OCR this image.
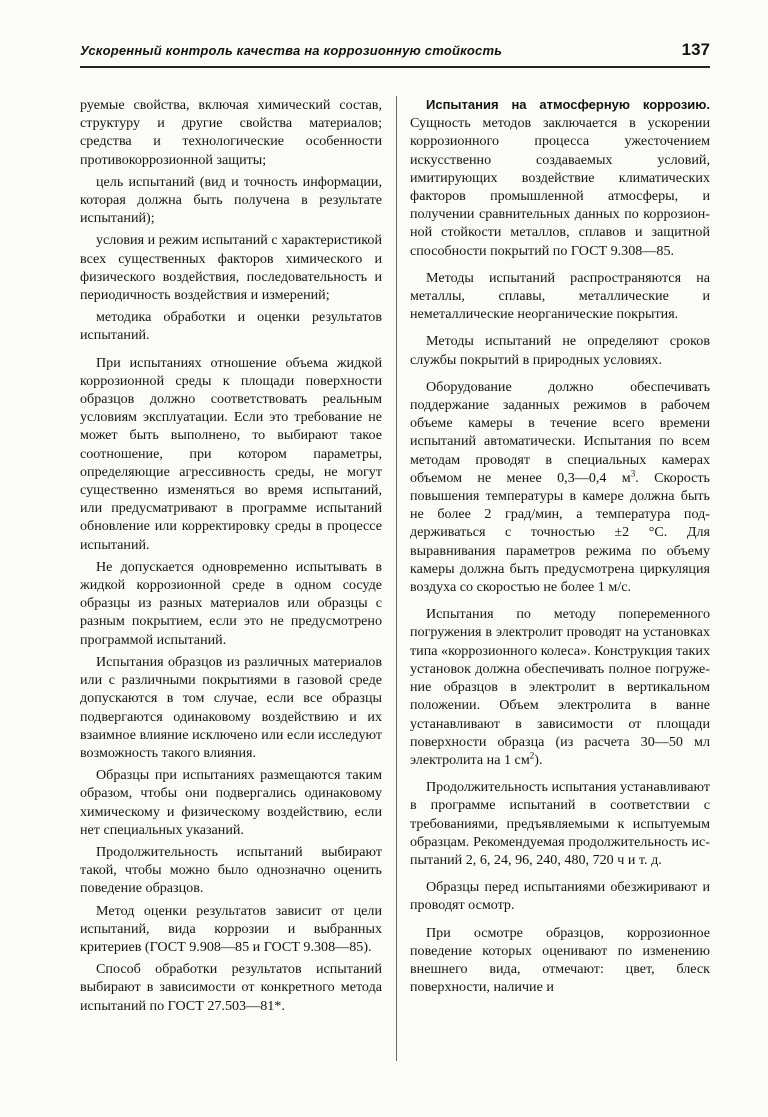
Ускоренный контроль качества на коррозионную стойкость	137

руемые свойства, включая химический состав, структуру и другие свойства материалов; средства и технологические особенности противокоррозионной защиты;

цель испытаний (вид и точность информации, которая должна быть получена в результате испытаний);

условия и режим испытаний с характеристикой всех существенных факторов химического и физического воздействия, последовательность и периодичность воздействия и измерений;

методика обработки и оценки результатов испытаний.

При испытаниях отношение объема жидкой коррозионной среды к площади поверхности образцов должно соответствовать реальным условиям эксплуатации. Если это требование не может быть выполнено, то выбирают такое соотношение, при котором параметры, определяющие агрессивность среды, не могут существенно изменяться во время испытаний, или предусматривают в программе испытаний обновление или корректировку среды в процессе испытаний.

Не допускается одновременно испытывать в жидкой коррозионной среде в одном сосуде образцы из разных материалов или образцы с разным покрытием, если это не предусмотрено программой испытаний.

Испытания образцов из различных материалов или с различными покрытиями в газовой среде допускаются в том случае, если все образцы подвергаются одинаковому воздействию и их взаимное влияние исключено или если исследуют возможность такого влияния.

Образцы при испытаниях размещаются таким образом, чтобы они подвергались одинаковому химическому и физическому воздействию, если нет специальных указаний.

Продолжительность испытаний выбирают такой, чтобы можно было однозначно оценить поведение образцов.

Метод оценки результатов зависит от цели испытаний, вида коррозии и выбранных критериев (ГОСТ 9.908—85 и ГОСТ 9.308—85).

Способ обработки результатов испытаний выбирают в зависимости от конкретного метода испытаний по ГОСТ 27.503—81*.

Испытания на атмосферную коррозию. Сущность методов заключается в ускорении коррозионного процесса ужесточением искусственно создаваемых условий, имитирующих воздействие климатических факторов промышленной атмосферы, и получении сравнительных данных по коррозионной стойкости металлов, сплавов и защитной способности покрытий по ГОСТ 9.308—85.

Методы испытаний распространяются на металлы, сплавы, металлические и неметаллические неорганические покрытия.

Методы испытаний не определяют сроков службы покрытий в природных условиях.

Оборудование должно обеспечивать поддержание заданных режимов в рабочем объеме камеры в течение всего времени испытаний автоматически. Испытания по всем методам проводят в специальных камерах объемом не менее 0,3—0,4 $м^3$. Скорость повышения температуры в камере должна быть не более 2 град/мин, а температура поддерживаться с точностью ±2 °С. Для выравнивания параметров режима по объему камеры должна быть предусмотрена циркуляция воздуха со скоростью не более 1 м/с.

Испытания по методу попеременного погружения в электролит проводят на установках типа «коррозионного колеса». Конструкция таких установок должна обеспечивать полное погружение образцов в электролит в вертикальном положении. Объем электролита в ванне устанавливают в зависимости от площади поверхности образца (из расчета 30—50 мл электролита на 1 $см^2$).

Продолжительность испытания устанавливают в программе испытаний в соответствии с требованиями, предъявляемыми к испытуемым образцам. Рекомендуемая продолжительность испытаний 2, 6, 24, 96, 240, 480, 720 ч и т. д.

Образцы перед испытаниями обезжиривают и проводят осмотр.

При осмотре образцов, коррозионное поведение которых оценивают по изменению внешнего вида, отмечают: цвет, блеск поверхности, наличие и
